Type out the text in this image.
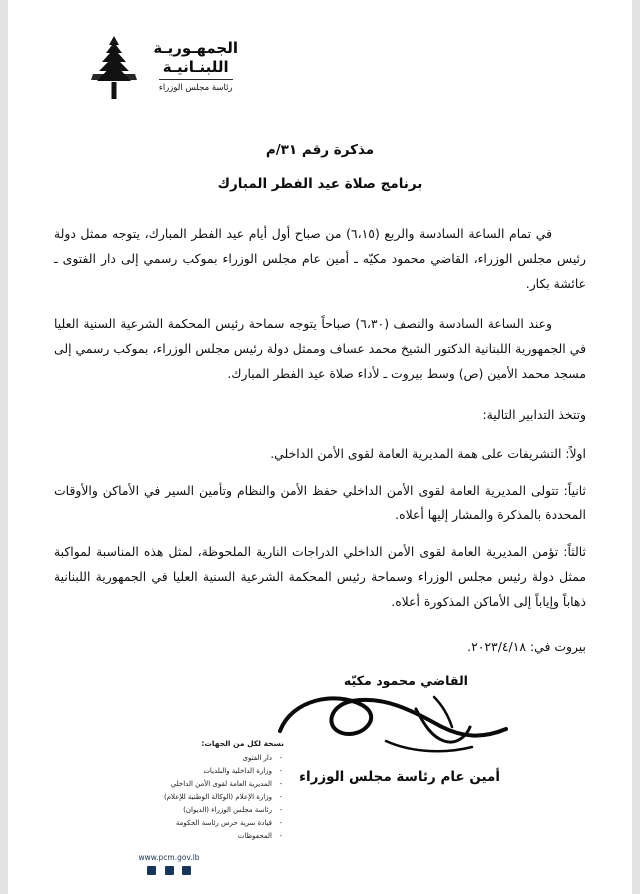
الجمهـوريـة
اللبنـانيـة
رئاسة مجلس الوزراء
مذكرة رقم ٣١/م
برنامج صلاة عيد الفطر المبارك

في تمام الساعة السادسة والربع (٦،١٥) من صباح أول أيام عيد الفطر المبارك، يتوجه ممثل دولة رئيس مجلس الوزراء، القاضي محمود مكيّه ـ أمين عام مجلس الوزراء بموكب رسمي إلى دار الفتوى ـ عائشة بكار.

وعند الساعة السادسة والنصف (٦،٣٠) صباحاً يتوجه سماحة رئيس المحكمة الشرعية السنية العليا في الجمهورية اللبنانية الدكتور الشيخ محمد عساف وممثل دولة رئيس مجلس الوزراء، بموكب رسمي إلى مسجد محمد الأمين (ص) وسط بيروت ـ لأداء صلاة عيد الفطر المبارك.

وتتخذ التدابير التالية:

اولاً: التشريفات على همة المديرية العامة لقوى الأمن الداخلي.

ثانياً: تتولى المديرية العامة لقوى الأمن الداخلي حفظ الأمن والنظام وتأمين السير في الأماكن والأوقات المحددة بالمذكرة والمشار إليها أعلاه.

ثالثاً: تؤمن المديرية العامة لقوى الأمن الداخلي الدراجات النارية الملحوظة، لمثل هذه المناسبة لمواكبة ممثل دولة رئيس مجلس الوزراء وسماحة رئيس المحكمة الشرعية السنية العليا في الجمهورية اللبنانية ذهاباً وإياباً إلى الأماكن المذكورة أعلاه.

بيروت في: ٢٠٢٣/٤/١٨.
القاضي محمود مكيّه
أمين عام رئاسة مجلس الوزراء
نسخة لكل من الجهات:
- دار الفتوى
- وزارة الداخلية والبلديات
- المديرية العامة لقوى الأمن الداخلي
- وزارة الإعلام (الوكالة الوطنية للإعلام)
- رئاسة مجلس الوزراء (الديوان)
- قيادة سرية حرس رئاسة الحكومة
- المحفوظات
www.pcm.gov.lb
